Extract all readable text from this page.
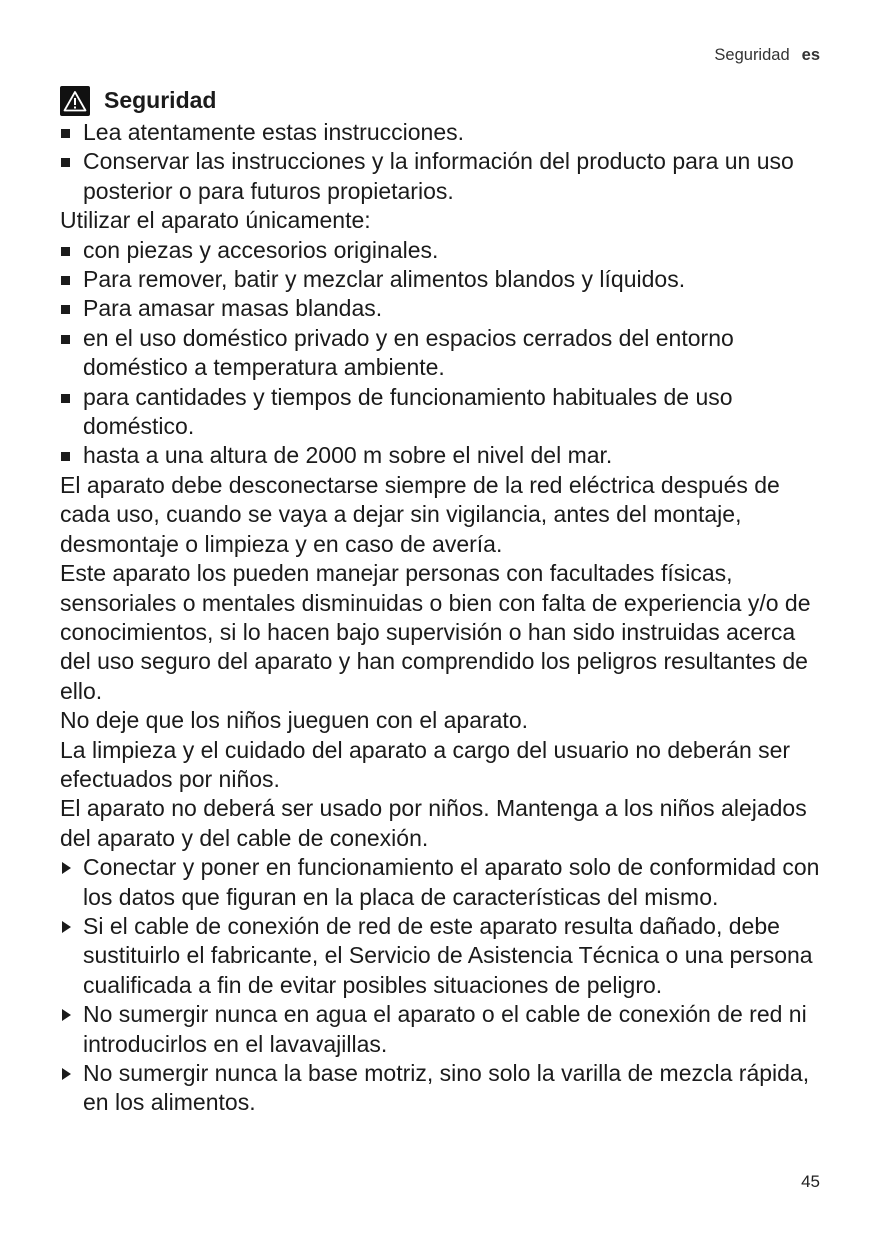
Seguridad es
Seguridad
Lea atentamente estas instrucciones.
Conservar las instrucciones y la información del producto para un uso posterior o para futuros propietarios.

Utilizar el aparato únicamente:

con piezas y accesorios originales.
Para remover, batir y mezclar alimentos blandos y líquidos.
Para amasar masas blandas.
en el uso doméstico privado y en espacios cerrados del entorno doméstico a temperatura ambiente.
para cantidades y tiempos de funcionamiento habituales de uso doméstico.
hasta a una altura de 2000 m sobre el nivel del mar.

El aparato debe desconectarse siempre de la red eléctrica después de cada uso, cuando se vaya a dejar sin vigilancia, antes del montaje, desmontaje o limpieza y en caso de avería.

Este aparato los pueden manejar personas con facultades físicas, sensoriales o mentales disminuidas o bien con falta de experiencia y/o de conocimientos, si lo hacen bajo supervisión o han sido instruidas acerca del uso seguro del aparato y han comprendido los peligros resultantes de ello.

No deje que los niños jueguen con el aparato.

La limpieza y el cuidado del aparato a cargo del usuario no deberán ser efectuados por niños.

El aparato no deberá ser usado por niños. Mantenga a los niños alejados del aparato y del cable de conexión.

Conectar y poner en funcionamiento el aparato solo de conformidad con los datos que figuran en la placa de características del mismo.
Si el cable de conexión de red de este aparato resulta dañado, debe sustituirlo el fabricante, el Servicio de Asistencia Técnica o una persona cualificada a fin de evitar posibles situaciones de peligro.
No sumergir nunca en agua el aparato o el cable de conexión de red ni introducirlos en el lavavajillas.
No sumergir nunca la base motriz, sino solo la varilla de mezcla rápida, en los alimentos.
45
